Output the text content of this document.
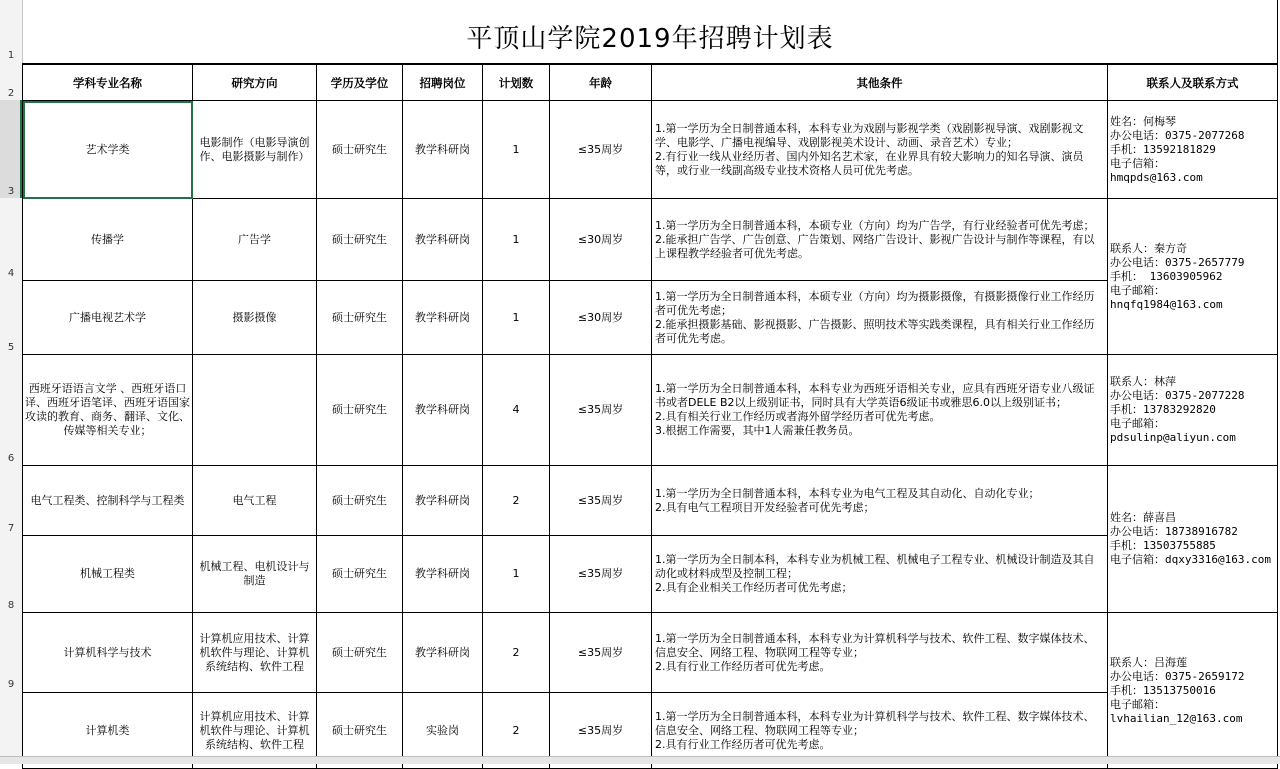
1
2
3
4
5
6
7
8
9
平顶山学院2019年招聘计划表
学科专业名称	研究方向	学历及学位	招聘岗位	计划数	年龄	其他条件	联系人及联系方式
艺术学类	电影制作（电影导演创作、电影摄影与制作）	硕士研究生	教学科研岗	1	≤35周岁	1.第一学历为全日制普通本科，本科专业为戏剧与影视学类（戏剧影视导演、戏剧影视文学、电影学、广播电视编导、戏剧影视美术设计、动画、录音艺术）专业；
2.有行业一线从业经历者、国内外知名艺术家，在业界具有较大影响力的知名导演、演员等，或行业一线副高级专业技术资格人员可优先考虑。	姓名：何梅琴
办公电话：0375-2077268
手机：13592181829
电子信箱：
hmqpds@163.com
传播学	广告学	硕士研究生	教学科研岗	1	≤30周岁	1.第一学历为全日制普通本科，本硕专业（方向）均为广告学，有行业经验者可优先考虑；
2.能承担广告学、广告创意、广告策划、网络广告设计、影视广告设计与制作等课程，有以上课程教学经验者可优先考虑。	联系人：秦方奇
办公电话：0375-2657779
手机： 13603905962
电子邮箱：
hnqfq1984@163.com
广播电视艺术学	摄影摄像	硕士研究生	教学科研岗	1	≤30周岁	1.第一学历为全日制普通本科，本硕专业（方向）均为摄影摄像，有摄影摄像行业工作经历者可优先考虑；
2.能承担摄影基础、影视摄影、广告摄影、照明技术等实践类课程，具有相关行业工作经历者可优先考虑。	

西班牙语语言文学 、西班牙语口译、西班牙语笔译、西班牙语国家攻读的教育、商务、翻译、文化、传媒等相关专业；		硕士研究生	教学科研岗	4	≤35周岁	1.第一学历为全日制普通本科，本科专业为西班牙语相关专业，应具有西班牙语专业八级证书或者DELE B2以上级别证书，同时具有大学英语6级证书或雅思6.0以上级别证书；
2.具有相关行业工作经历或者海外留学经历者可优先考虑。
3.根据工作需要，其中1人需兼任教务员。	联系人：林萍
办公电话：0375-2077228
手机：13783292820
电子邮箱：
pdsulinp@aliyun.com
电气工程类、控制科学与工程类	电气工程	硕士研究生	教学科研岗	2	≤35周岁	1.第一学历为全日制普通本科，本科专业为电气工程及其自动化、自动化专业；
2.具有电气工程项目开发经验者可优先考虑；	姓名：薛喜昌
办公电话：18738916782
手机：13503755885
电子信箱：dqxy3316@163.com
机械工程类	机械工程、电机设计与制造	硕士研究生	教学科研岗	1	≤35周岁	1.第一学历为全日制本科，本科专业为机械工程、机械电子工程专业、机械设计制造及其自动化或材料成型及控制工程；
2.具有企业相关工作经历者可优先考虑；	

计算机科学与技术	计算机应用技术、计算机软件与理论、计算机系统结构、软件工程	硕士研究生	教学科研岗	2	≤35周岁	1.第一学历为全日制普通本科，本科专业为计算机科学与技术、软件工程、数字媒体技术、信息安全、网络工程、物联网工程等专业；
2.具有行业工作经历者可优先考虑。	联系人：吕海莲
办公电话：0375-2659172
手机：13513750016
电子邮箱：
lvhailian_12@163.com
计算机类	计算机应用技术、计算机软件与理论、计算机系统结构、软件工程	硕士研究生	实验岗	2	≤35周岁	1.第一学历为全日制普通本科，本科专业为计算机科学与技术、软件工程、数字媒体技术、信息安全、网络工程、物联网工程等专业；
2.具有行业工作经历者可优先考虑。	
